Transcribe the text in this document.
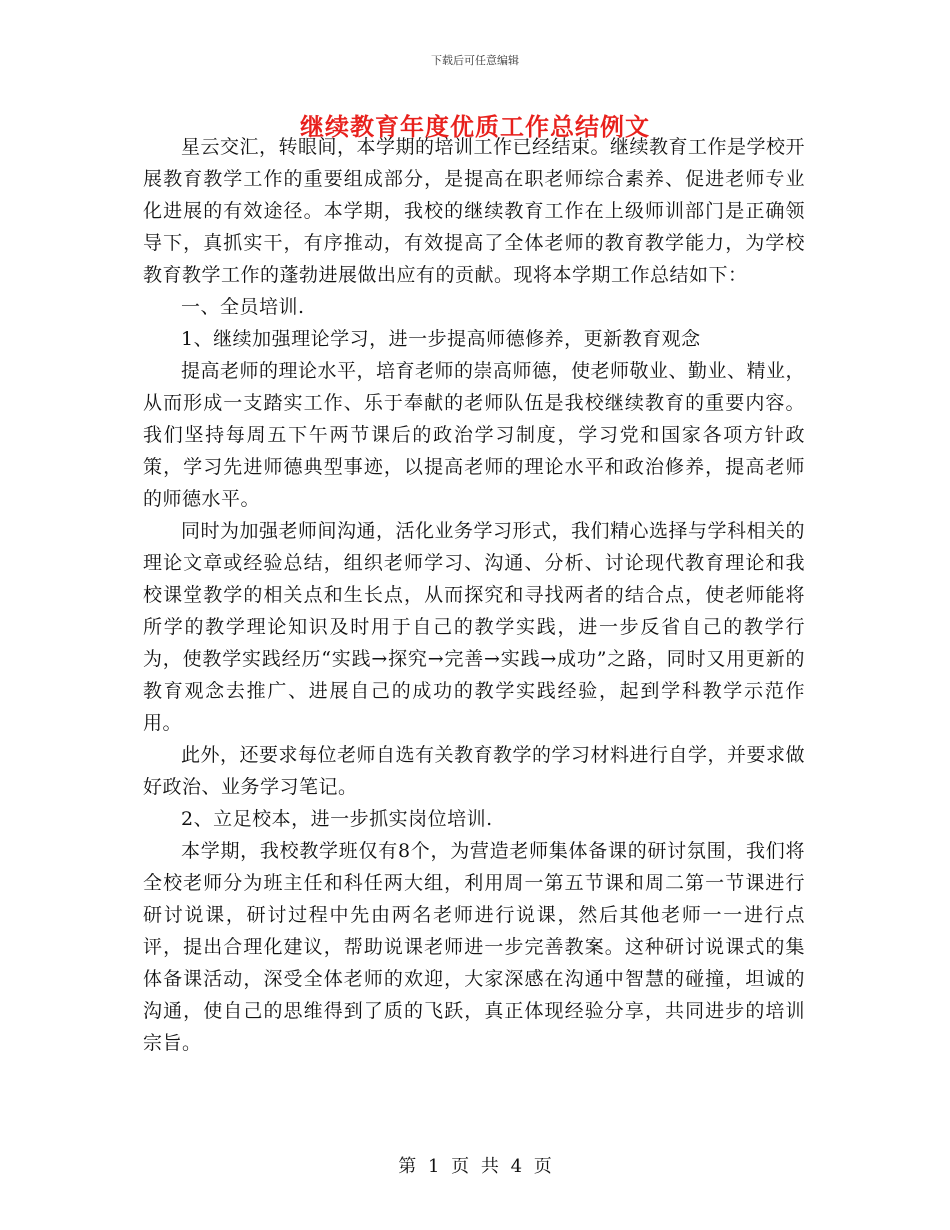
下载后可任意编辑
继续教育年度优质工作总结例文

星云交汇，转眼间，本学期的培训工作已经结束。继续教育工作是学校开展教育教学工作的重要组成部分，是提高在职老师综合素养、促进老师专业化进展的有效途径。本学期，我校的继续教育工作在上级师训部门是正确领导下，真抓实干，有序推动，有效提高了全体老师的教育教学能力，为学校教育教学工作的蓬勃进展做出应有的贡献。现将本学期工作总结如下：

一、全员培训.

1、继续加强理论学习，进一步提高师德修养，更新教育观念

提高老师的理论水平，培育老师的崇高师德，使老师敬业、勤业、精业，从而形成一支踏实工作、乐于奉献的老师队伍是我校继续教育的重要内容。我们坚持每周五下午两节课后的政治学习制度，学习党和国家各项方针政策，学习先进师德典型事迹，以提高老师的理论水平和政治修养，提高老师的师德水平。

同时为加强老师间沟通，活化业务学习形式，我们精心选择与学科相关的理论文章或经验总结，组织老师学习、沟通、分析、讨论现代教育理论和我校课堂教学的相关点和生长点，从而探究和寻找两者的结合点，使老师能将所学的教学理论知识及时用于自己的教学实践，进一步反省自己的教学行为，使教学实践经历“实践→探究→完善→实践→成功”之路，同时又用更新的教育观念去推广、进展自己的成功的教学实践经验，起到学科教学示范作用。

此外，还要求每位老师自选有关教育教学的学习材料进行自学，并要求做好政治、业务学习笔记。

2、立足校本，进一步抓实岗位培训.

本学期，我校教学班仅有8个，为营造老师集体备课的研讨氛围，我们将全校老师分为班主任和科任两大组，利用周一第五节课和周二第一节课进行研讨说课，研讨过程中先由两名老师进行说课，然后其他老师一一进行点评，提出合理化建议，帮助说课老师进一步完善教案。这种研讨说课式的集体备课活动，深受全体老师的欢迎，大家深感在沟通中智慧的碰撞，坦诚的沟通，使自己的思维得到了质的飞跃，真正体现经验分享，共同进步的培训宗旨。

第 1 页 共 4 页
